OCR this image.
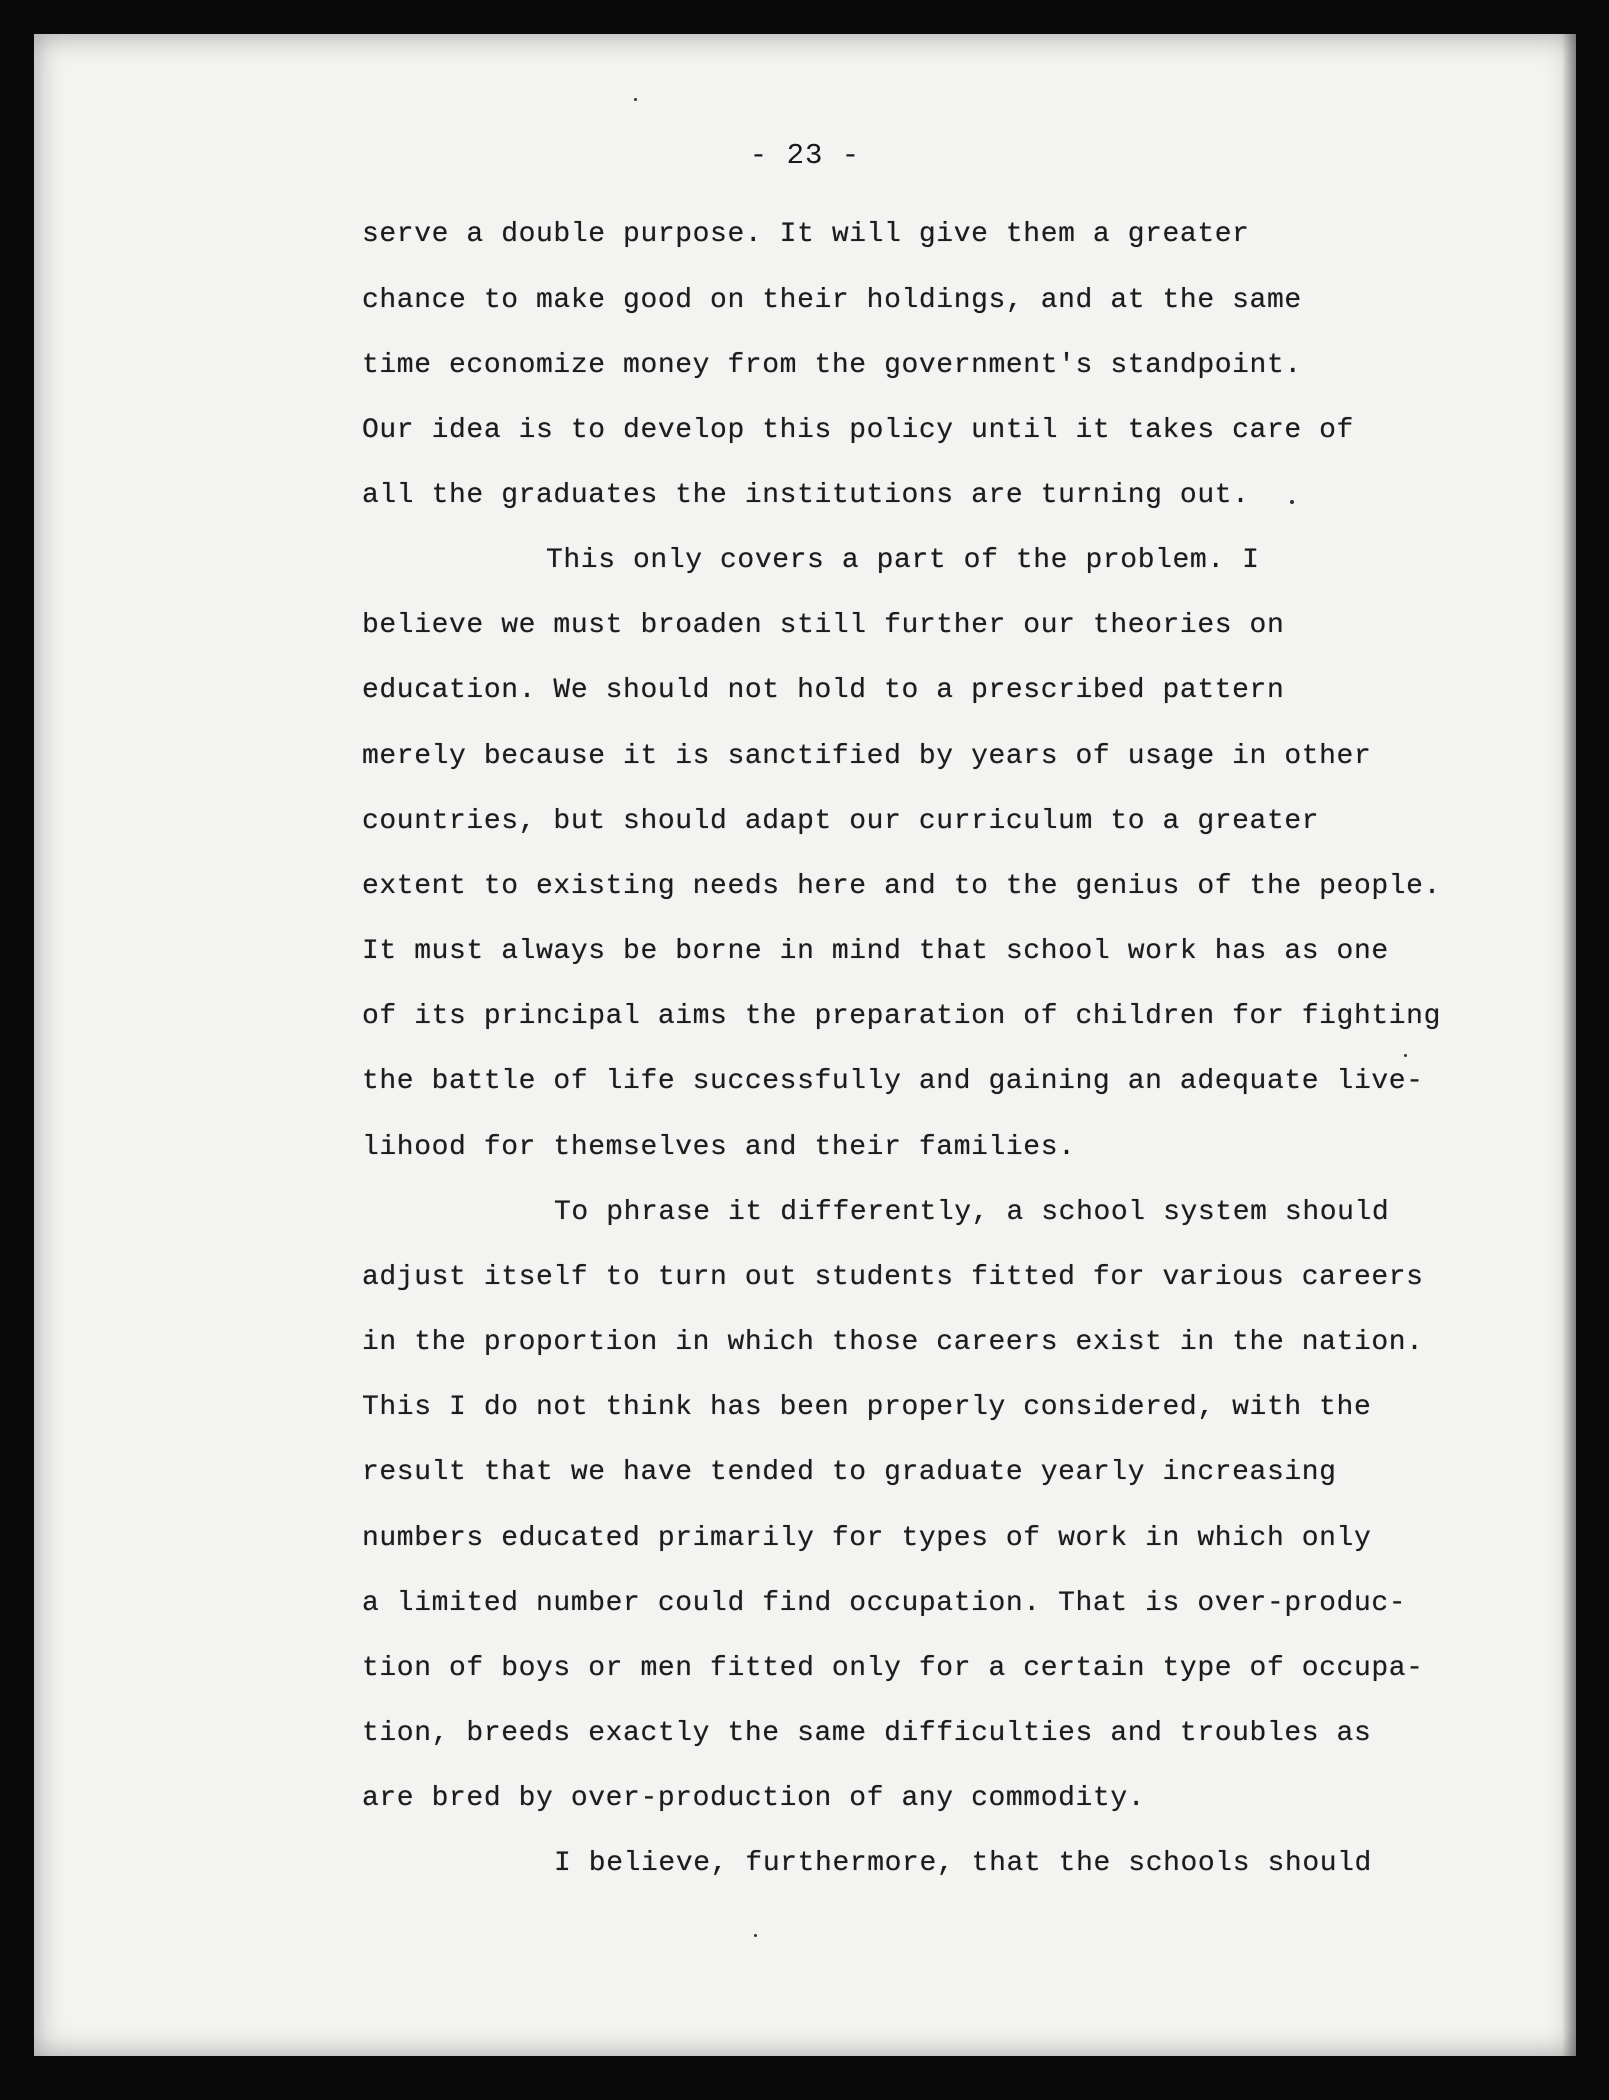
- 23 -
serve a double purpose. It will give them a greater
chance to make good on their holdings, and at the same
time economize money from the government's standpoint.
Our idea is to develop this policy until it takes care of
all the graduates the institutions are turning out.
This only covers a part of the problem. I
believe we must broaden still further our theories on
education. We should not hold to a prescribed pattern
merely because it is sanctified by years of usage in other
countries, but should adapt our curriculum to a greater
extent to existing needs here and to the genius of the people.
It must always be borne in mind that school work has as one
of its principal aims the preparation of children for fighting
the battle of life successfully and gaining an adequate live-
lihood for themselves and their families.
To phrase it differently, a school system should
adjust itself to turn out students fitted for various careers
in the proportion in which those careers exist in the nation.
This I do not think has been properly considered, with the
result that we have tended to graduate yearly increasing
numbers educated primarily for types of work in which only
a limited number could find occupation. That is over-produc-
tion of boys or men fitted only for a certain type of occupa-
tion, breeds exactly the same difficulties and troubles as
are bred by over-production of any commodity.
I believe, furthermore, that the schools should
